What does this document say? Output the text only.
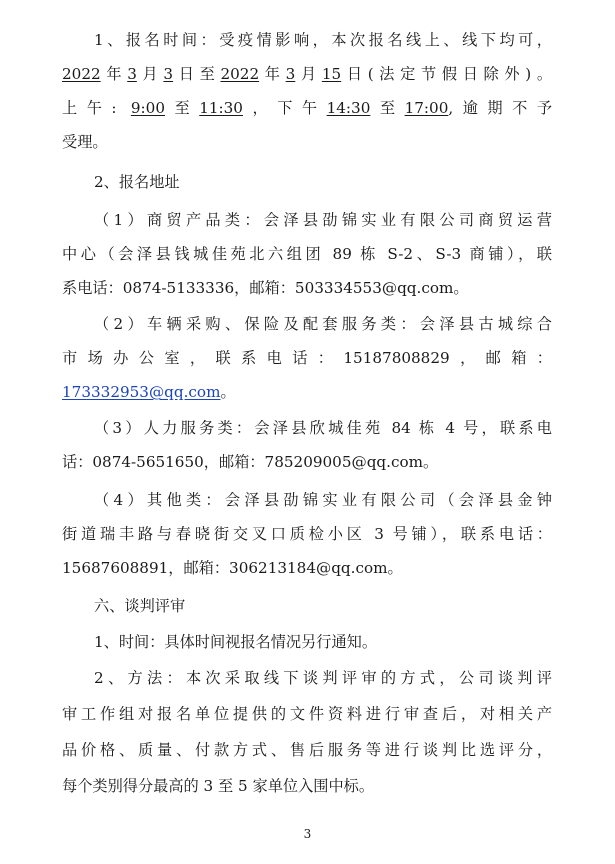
1、报名时间：受疫情影响，本次报名线上、线下均可，
2022年3月3日至2022年3月15日(法定节假日除外)。
上午: 9:00至11:30，下午14:30至17:00,逾期不予
受理。
2、报名地址
（1）商贸产品类：会泽县劭锦实业有限公司商贸运营
中心（会泽县钱城佳苑北六组团 89 栋 S-2、S-3 商铺），联
系电话：0874-5133336，邮箱：503334553@qq.com。
（2）车辆采购、保险及配套服务类：会泽县古城综合
市场办公室，联系电话：15187808829，邮箱：
173332953@qq.com。
（3）人力服务类：会泽县欣城佳苑 84 栋 4 号，联系电
话：0874-5651650，邮箱：785209005@qq.com。
（4）其他类：会泽县劭锦实业有限公司（会泽县金钟
街道瑞丰路与春晓街交叉口质检小区 3 号铺），联系电话：
15687608891，邮箱：306213184@qq.com。
六、谈判评审
1、时间：具体时间视报名情况另行通知。
2、方法：本次采取线下谈判评审的方式，公司谈判评
审工作组对报名单位提供的文件资料进行审查后，对相关产
品价格、质量、付款方式、售后服务等进行谈判比选评分，
每个类别得分最高的 3 至 5 家单位入围中标。
3
